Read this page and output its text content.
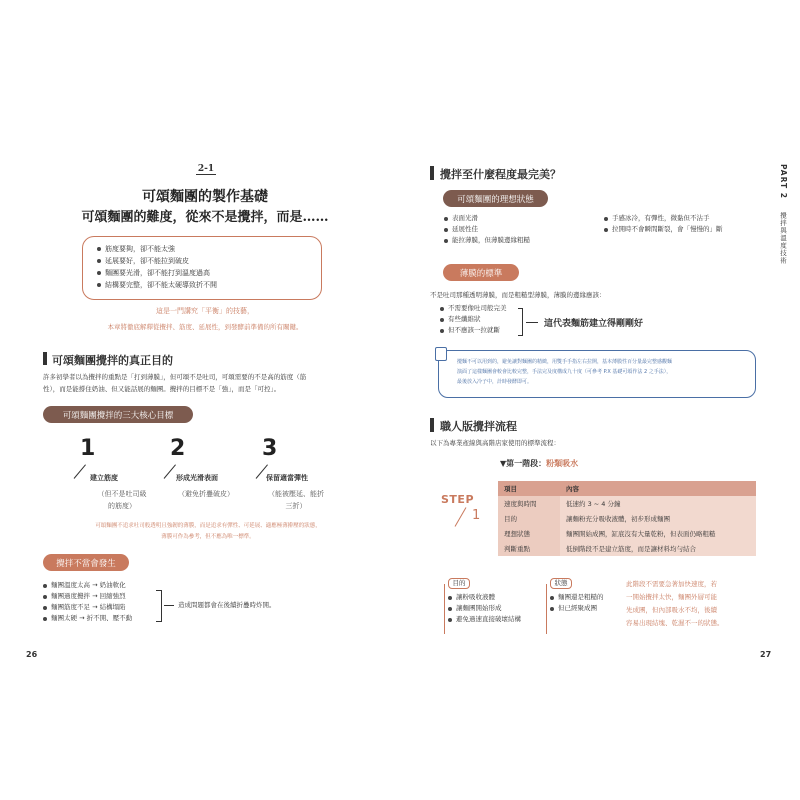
2-1
可頌麵團的製作基礎
可頌麵團的難度，從來不是攪拌，而是……
筋度要夠，卻不能太強
延展要好，卻不能拉到破皮
麵團要光滑，卻不能打到溫度過高
結構要完整，卻不能太硬導致折不開
這是一門講究「平衡」的技藝，
本章將徹底解釋從攪拌、筋度、延展性，到發酵前準備的所有關鍵。
可頌麵團攪拌的真正目的
許多初學者以為攪拌的重點是「打到薄膜」，但可頌不是吐司，可頌需要的不是高的筋度（筋
性），而是能撐住奶油、但又能話展的麵團。攪拌的目標不是「強」，而是「可控」。
可頌麵團攪拌的三大核心目標
1
建立筋度
（但不是吐司級
的筋度）
2
形成光滑表面
（避免折疊破皮）
3
保留適當彈性
（能被壓延、能折
三折）
可頌麵團不追求吐司般透明且強韌的薄膜，而是追求有彈性、可延展、適應極薄擀壓的狀態，
薄膜可作為參考，但不應為唯一標準。
攪拌不當會發生
麵團溫度太高 → 奶油軟化
麵團過度攪拌 → 回縮強烈
麵團筋度不足 → 結構塌陷
麵團太硬 → 折不開、壓不動
造成問題都會在後續折疊時炸開。
26
攪拌至什麼程度最完美？
可頌麵團的理想狀態
表面光滑
延展性佳
能拉薄膜，但薄膜邊緣粗糙
手感冰冷，有彈性，微黏但不沾手
拉開時不會瞬間斷裂，會「慢慢的」斷
薄膜的標準
不是吐司那種透明薄膜，而是粗糙型薄膜，薄膜的邊緣應該：
不需要像吐司般完美
有些纖維狀
但不應該一拉就斷
這代表麵筋建立得剛剛好
攪麵不可以用到的，避免讓對麵團的精緻，用雙手手指左右拉開，基本薄膜性百分量最完整感觀麵
演面了這樣麵團會較會比較完整，手法完及度構成九十度（可參考 P.X 基礎可頌作法 2 之手法），
最後放入冷子中，計時發酵即可。
職人版攪拌流程
以下為專業產線與高階店家使用的標準流程：
▼第一階段： 粉類吸水
STEP
1
項目	內容
速度與時間	低速約 3 ~ 4 分鐘
目的	讓麵粉充分吸收液體，初步形成麵團
理想狀態	麵團開始成團，缸底沒有大量乾粉，但表面仍略粗糙
判斷重點	低倒階段不是建立筋度，而是讓材料均勻結合
目的
讓粉吸收液體
讓麵團開始形成
避免過速直接破壞結構
狀態
麵團還是粗糙的
但已經聚成團
此階段不需要急著加快速度，若
一開始攪拌太快，麵團外層可能
先成團，但內部吸水不均，後續
容易出現結塊、乾濕不一的狀態。
PART 2
攪拌與溫度技術
27
